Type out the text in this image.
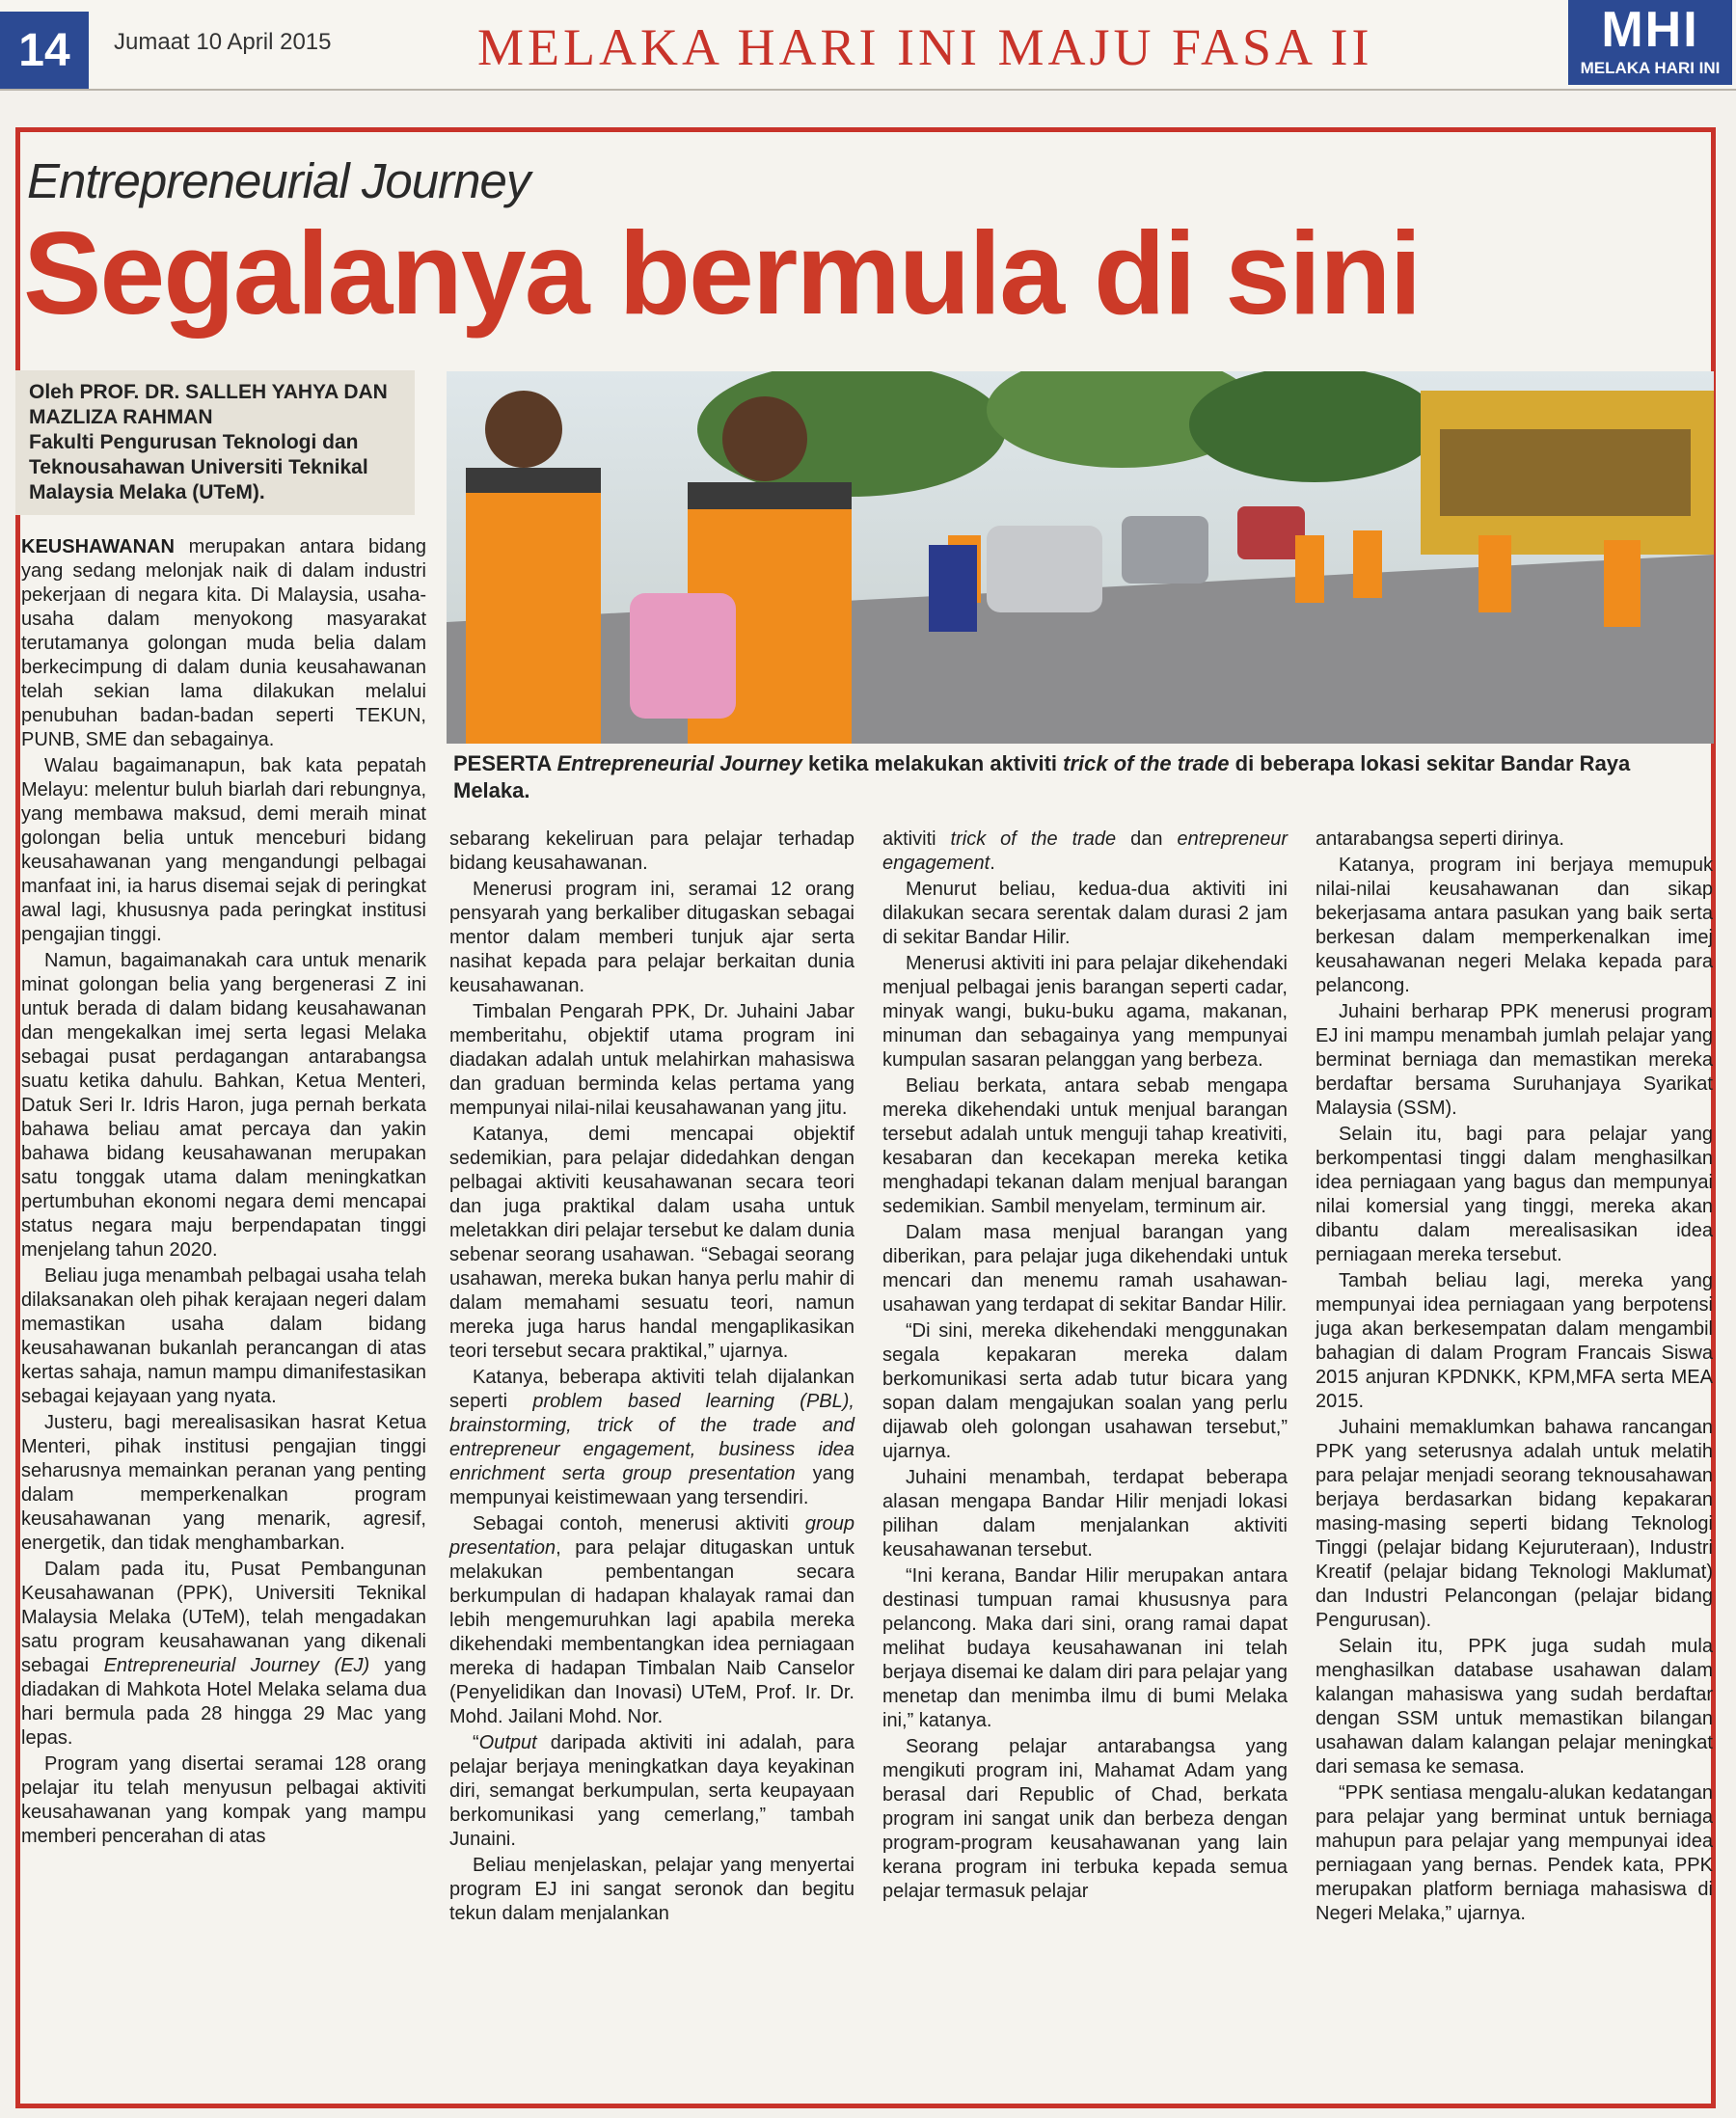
14	Jumaat 10 April 2015	MELAKA HARI INI MAJU FASA II	MHI
MELAKA HARI INI
Entrepreneurial Journey
Segalanya bermula di sini

Oleh PROF. DR. SALLEH YAHYA DAN

MAZLIZA RAHMAN

Fakulti Pengurusan Teknologi dan

Teknousahawan Universiti Teknikal

Malaysia Melaka (UTeM).

PESERTA Entrepreneurial Journey ketika melakukan aktiviti trick of the trade di beberapa lokasi sekitar Bandar Raya Melaka.

KEUSHAWANAN merupakan antara bidang yang sedang melonjak naik di dalam industri pekerjaan di negara kita. Di Malaysia, usaha-usaha dalam menyokong masyarakat terutamanya golongan muda belia dalam berkecimpung di dalam dunia keusahawanan telah sekian lama dilakukan melalui penubuhan badan-badan seperti TEKUN, PUNB, SME dan sebagainya.

Walau bagaimanapun, bak kata pepatah Melayu: melentur buluh biarlah dari rebungnya, yang membawa maksud, demi meraih minat golongan belia untuk menceburi bidang keusahawanan yang mengandungi pelbagai manfaat ini, ia harus disemai sejak di peringkat awal lagi, khususnya pada peringkat institusi pengajian tinggi.

Namun, bagaimanakah cara untuk menarik minat golongan belia yang bergenerasi Z ini untuk berada di dalam bidang keusahawanan dan mengekalkan imej serta legasi Melaka sebagai pusat perdagangan antarabangsa suatu ketika dahulu. Bahkan, Ketua Menteri, Datuk Seri Ir. Idris Haron, juga pernah berkata bahawa beliau amat percaya dan yakin bahawa bidang keusahawanan merupakan satu tonggak utama dalam meningkatkan pertumbuhan ekonomi negara demi mencapai status negara maju berpendapatan tinggi menjelang tahun 2020.

Beliau juga menambah pelbagai usaha telah dilaksanakan oleh pihak kerajaan negeri dalam memastikan usaha dalam bidang keusahawanan bukanlah perancangan di atas kertas sahaja, namun mampu dimanifestasikan sebagai kejayaan yang nyata.

Justeru, bagi merealisasikan hasrat Ketua Menteri, pihak institusi pengajian tinggi seharusnya memainkan peranan yang penting dalam memperkenalkan program keusahawanan yang menarik, agresif, energetik, dan tidak menghambarkan.

Dalam pada itu, Pusat Pembangunan Keusahawanan (PPK), Universiti Teknikal Malaysia Melaka (UTeM), telah mengadakan satu program keusahawanan yang dikenali sebagai Entrepreneurial Journey (EJ) yang diadakan di Mahkota Hotel Melaka selama dua hari bermula pada 28 hingga 29 Mac yang lepas.

Program yang disertai seramai 128 orang pelajar itu telah menyusun pelbagai aktiviti keusahawanan yang kompak yang mampu memberi pencerahan di atas

sebarang kekeliruan para pelajar terhadap bidang keusahawanan.

Menerusi program ini, seramai 12 orang pensyarah yang berkaliber ditugaskan sebagai mentor dalam memberi tunjuk ajar serta nasihat kepada para pelajar berkaitan dunia keusahawanan.

Timbalan Pengarah PPK, Dr. Juhaini Jabar memberitahu, objektif utama program ini diadakan adalah untuk melahirkan mahasiswa dan graduan berminda kelas pertama yang mempunyai nilai-nilai keusahawanan yang jitu.

Katanya, demi mencapai objektif sedemikian, para pelajar didedahkan dengan pelbagai aktiviti keusahawanan secara teori dan juga praktikal dalam usaha untuk meletakkan diri pelajar tersebut ke dalam dunia sebenar seorang usahawan. “Sebagai seorang usahawan, mereka bukan hanya perlu mahir di dalam memahami sesuatu teori, namun mereka juga harus handal mengaplikasikan teori tersebut secara praktikal,” ujarnya.

Katanya, beberapa aktiviti telah dijalankan seperti problem based learning (PBL), brainstorming, trick of the trade and entrepreneur engagement, business idea enrichment serta group presentation yang mempunyai keistimewaan yang tersendiri.

Sebagai contoh, menerusi aktiviti group presentation, para pelajar ditugaskan untuk melakukan pembentangan secara berkumpulan di hadapan khalayak ramai dan lebih mengemuruhkan lagi apabila mereka dikehendaki membentangkan idea perniagaan mereka di hadapan Timbalan Naib Canselor (Penyelidikan dan Inovasi) UTeM, Prof. Ir. Dr. Mohd. Jailani Mohd. Nor.

“Output daripada aktiviti ini adalah, para pelajar berjaya meningkatkan daya keyakinan diri, semangat berkumpulan, serta keupayaan berkomunikasi yang cemerlang,” tambah Junaini.

Beliau menjelaskan, pelajar yang menyertai program EJ ini sangat seronok dan begitu tekun dalam menjalankan

aktiviti trick of the trade dan entrepreneur engagement.

Menurut beliau, kedua-dua aktiviti ini dilakukan secara serentak dalam durasi 2 jam di sekitar Bandar Hilir.

Menerusi aktiviti ini para pelajar dikehendaki menjual pelbagai jenis barangan seperti cadar, minyak wangi, buku-buku agama, makanan, minuman dan sebagainya yang mempunyai kumpulan sasaran pelanggan yang berbeza.

Beliau berkata, antara sebab mengapa mereka dikehendaki untuk menjual barangan tersebut adalah untuk menguji tahap kreativiti, kesabaran dan kecekapan mereka ketika menghadapi tekanan dalam menjual barangan sedemikian. Sambil menyelam, terminum air.

Dalam masa menjual barangan yang diberikan, para pelajar juga dikehendaki untuk mencari dan menemu ramah usahawan-usahawan yang terdapat di sekitar Bandar Hilir.

“Di sini, mereka dikehendaki menggunakan segala kepakaran mereka dalam berkomunikasi serta adab tutur bicara yang sopan dalam mengajukan soalan yang perlu dijawab oleh golongan usahawan tersebut,” ujarnya.

Juhaini menambah, terdapat beberapa alasan mengapa Bandar Hilir menjadi lokasi pilihan dalam menjalankan aktiviti keusahawanan tersebut.

“Ini kerana, Bandar Hilir merupakan antara destinasi tumpuan ramai khususnya para pelancong. Maka dari sini, orang ramai dapat melihat budaya keusahawanan ini telah berjaya disemai ke dalam diri para pelajar yang menetap dan menimba ilmu di bumi Melaka ini,” katanya.

Seorang pelajar antarabangsa yang mengikuti program ini, Mahamat Adam yang berasal dari Republic of Chad, berkata program ini sangat unik dan berbeza dengan program-program keusahawanan yang lain kerana program ini terbuka kepada semua pelajar termasuk pelajar

antarabangsa seperti dirinya.

Katanya, program ini berjaya memupuk nilai-nilai keusahawanan dan sikap bekerjasama antara pasukan yang baik serta berkesan dalam memperkenalkan imej keusahawanan negeri Melaka kepada para pelancong.

Juhaini berharap PPK menerusi program EJ ini mampu menambah jumlah pelajar yang berminat berniaga dan memastikan mereka berdaftar bersama Suruhanjaya Syarikat Malaysia (SSM).

Selain itu, bagi para pelajar yang berkompentasi tinggi dalam menghasilkan idea perniagaan yang bagus dan mempunyai nilai komersial yang tinggi, mereka akan dibantu dalam merealisasikan idea perniagaan mereka tersebut.

Tambah beliau lagi, mereka yang mempunyai idea perniagaan yang berpotensi juga akan berkesempatan dalam mengambil bahagian di dalam Program Francais Siswa 2015 anjuran KPDNKK, KPM,MFA serta MEA 2015.

Juhaini memaklumkan bahawa rancangan PPK yang seterusnya adalah untuk melatih para pelajar menjadi seorang teknousahawan berjaya berdasarkan bidang kepakaran masing-masing seperti bidang Teknologi Tinggi (pelajar bidang Kejuruteraan), Industri Kreatif (pelajar bidang Teknologi Maklumat) dan Industri Pelancongan (pelajar bidang Pengurusan).

Selain itu, PPK juga sudah mula menghasilkan database usahawan dalam kalangan mahasiswa yang sudah berdaftar dengan SSM untuk memastikan bilangan usahawan dalam kalangan pelajar meningkat dari semasa ke semasa.

“PPK sentiasa mengalu-alukan kedatangan para pelajar yang berminat untuk berniaga mahupun para pelajar yang mempunyai idea perniagaan yang bernas. Pendek kata, PPK merupakan platform berniaga mahasiswa di Negeri Melaka,” ujarnya.
